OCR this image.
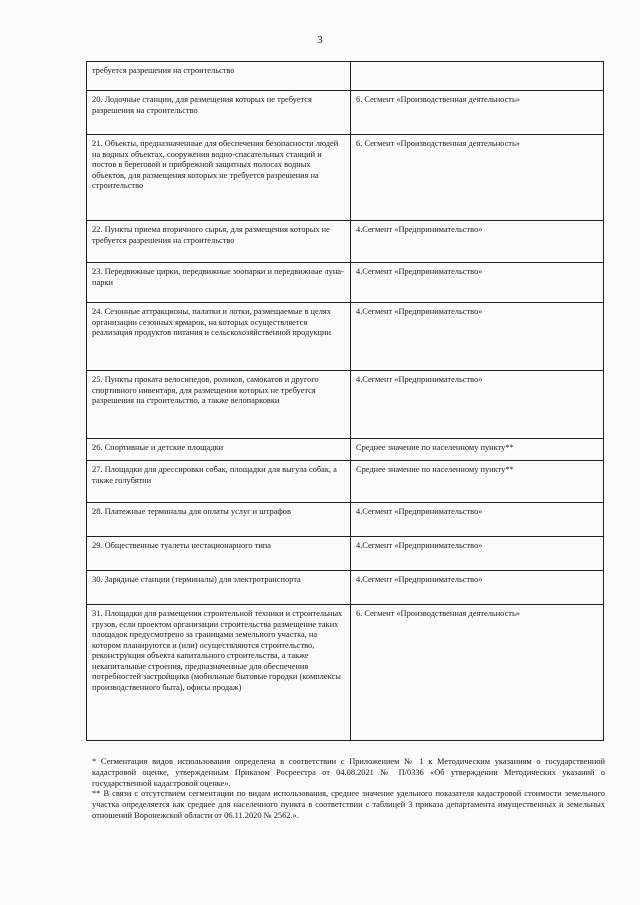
3
требуется разрешения на строительство	
20. Лодочные станции, для размещения которых не требуется разрешения на строительство	6. Сегмент «Производственная деятельность»
21. Объекты, предназначенные для обеспечения безопасности людей на водных объектах, сооружения водно-спасательных станций и постов в береговой и прибрежной защитных полосах водных объектов, для размещения которых не требуется разрешения на строительство	6. Сегмент «Производственная деятельность»
22. Пункты приема вторичного сырья, для размещения которых не требуется разрешения на строительство	4.Сегмент «Предпринимательство»
23. Передвижные цирки, передвижные зоопарки и передвижные луна-парки	4.Сегмент «Предпринимательство»
24. Сезонные аттракционы, палатки и лотки, размещаемые в целях организации сезонных ярмарок, на которых осуществляется реализация продуктов питания и сельскохозяйственной продукции	4.Сегмент «Предпринимательство»
25. Пункты проката велосипедов, роликов, самокатов и другого спортивного инвентаря, для размещения которых не требуется разрешения на строительство, а также велопарковки	4.Сегмент «Предпринимательство»
26. Спортивные и детские площадки	Среднее значение по населенному пункту**
27. Площадки для дрессировки собак, площадки для выгула собак, а также голубятни	Среднее значение по населенному пункту**
28. Платежные терминалы для оплаты услуг и штрафов	4.Сегмент «Предпринимательство»
29. Общественные туалеты нестационарного типа	4.Сегмент «Предпринимательство»
30. Зарядные станции (терминалы) для электротранспорта	4.Сегмент «Предпринимательство»
31. Площадки для размещения строительной техники и строительных грузов, если проектом организации строительства размещение таких площадок предусмотрено за границами земельного участка, на котором планируются и (или) осуществляются строительство, реконструкция объекта капитального строительства, а также некапитальные строения, предназначенные для обеспечения потребностей застройщика (мобильные бытовые городки (комплексы производственного быта), офисы продаж)	6. Сегмент «Производственная деятельность»

* Сегментация видов использования определена в соответствии с Приложением № 1 к Методическим указаниям о государственной кадастровой оценке, утвержденным Приказом Росреестра от 04.08.2021 № П/0336 «Об утверждении Методических указаний о государственной кадастровой оценке».

** В связи с отсутствием сегментации по видам использования, среднее значение удельного показателя кадастровой стоимости земельного участка определяется как среднее для населенного пункта в соответствии с таблицей 3 приказа департамента имущественных и земельных отношений Воронежской области от 06.11.2020 № 2562.».
